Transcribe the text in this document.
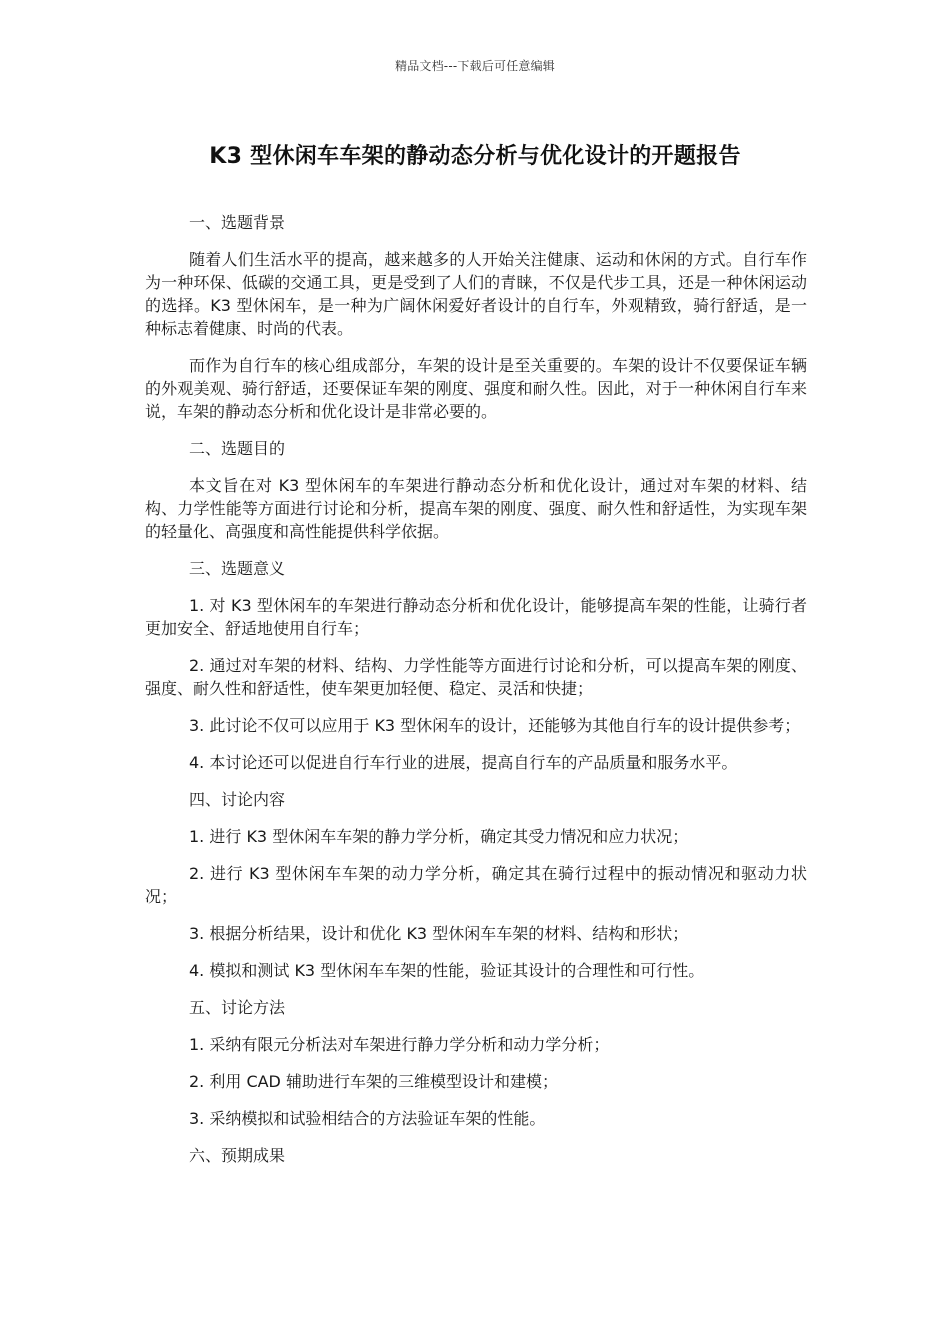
精品文档---下载后可任意编辑
K3 型休闲车车架的静动态分析与优化设计的开题报告
一、选题背景

随着人们生活水平的提高，越来越多的人开始关注健康、运动和休闲的方式。自行车作为一种环保、低碳的交通工具，更是受到了人们的青睐，不仅是代步工具，还是一种休闲运动的选择。K3 型休闲车，是一种为广阔休闲爱好者设计的自行车，外观精致，骑行舒适，是一种标志着健康、时尚的代表。

而作为自行车的核心组成部分，车架的设计是至关重要的。车架的设计不仅要保证车辆的外观美观、骑行舒适，还要保证车架的刚度、强度和耐久性。因此，对于一种休闲自行车来说，车架的静动态分析和优化设计是非常必要的。

二、选题目的

本文旨在对 K3 型休闲车的车架进行静动态分析和优化设计，通过对车架的材料、结构、力学性能等方面进行讨论和分析，提高车架的刚度、强度、耐久性和舒适性，为实现车架的轻量化、高强度和高性能提供科学依据。

三、选题意义

1. 对 K3 型休闲车的车架进行静动态分析和优化设计，能够提高车架的性能，让骑行者更加安全、舒适地使用自行车；

2. 通过对车架的材料、结构、力学性能等方面进行讨论和分析，可以提高车架的刚度、强度、耐久性和舒适性，使车架更加轻便、稳定、灵活和快捷；

3. 此讨论不仅可以应用于 K3 型休闲车的设计，还能够为其他自行车的设计提供参考；

4. 本讨论还可以促进自行车行业的进展，提高自行车的产品质量和服务水平。

四、讨论内容

1. 进行 K3 型休闲车车架的静力学分析，确定其受力情况和应力状况；

2. 进行 K3 型休闲车车架的动力学分析，确定其在骑行过程中的振动情况和驱动力状况；

3. 根据分析结果，设计和优化 K3 型休闲车车架的材料、结构和形状；

4. 模拟和测试 K3 型休闲车车架的性能，验证其设计的合理性和可行性。

五、讨论方法

1. 采纳有限元分析法对车架进行静力学分析和动力学分析；

2. 利用 CAD 辅助进行车架的三维模型设计和建模；

3. 采纳模拟和试验相结合的方法验证车架的性能。

六、预期成果
